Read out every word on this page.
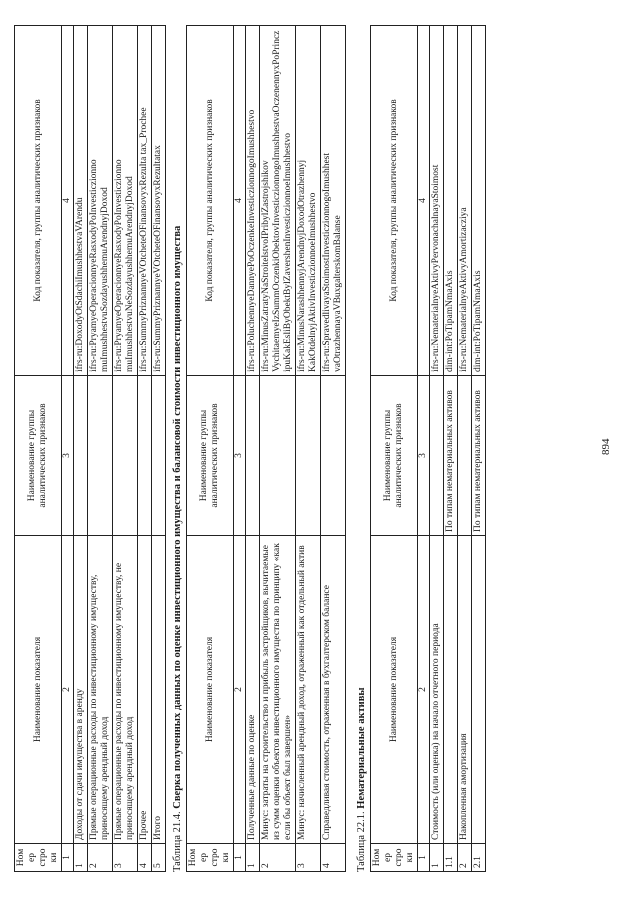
894
Номер строки	Наименование показателя	Наименование группы аналитических признаков	Код показателя, группы аналитических признаков
1	2	3	4
1	Доходы от сдачи имущества в аренду		ifrs-ru:DoxodyOtSdachiImushhestvaVArendu
2	Прямые операционные расходы по инвестиционному имуществу, приносящему арендный доход		ifrs-ru:PryamyeOperacionnyeRasxodyPoInvesticzionno muImushhestvuSozdayushhemuArendnyjDoxod
3	Прямые операционные расходы по инвестиционному имуществу, не приносящему арендный доход		ifrs-ru:PryamyeOperacionnyeRasxodyPoInvesticzionno muImushhestvuNeSozdayushhemuArendnyjDoxod
4	Прочее		ifrs-ru:SummyPriznannyeVOtcheteOFinansovyxRezulta tax_Prochee
5	Итого		ifrs-ru:SummyPriznannyeVOtcheteOFinansovyxRezultatax
Таблица 21.4. Сверка полученных данных по оценке инвестиционного имущества и балансовой стоимости инвестиционного имущества
Номер строки	Наименование показателя	Наименование группы аналитических признаков	Код показателя, группы аналитических признаков
1	2	3	4
1	Полученные данные по оценке		ifrs-ru:PoluchennyeDannyePoOczenkeInvesticzionnogoImushhestvo
2	Минус: затраты на строительство и прибыль застройщиков, вычитаемые из сумм оценки объектов инвестиционного имущества по принципу «как если бы объект был завершен»		ifrs-ru:MinusZatratyNaStroitelstvoIPribylZastrojshikov VychitaemyeIzSummOczenkiObektovInvesticzionnogoImushhestvaOczenennyxPoPrinczipuKakEsliByObektBylZavershenInvesticzionnoeImushhestvo
3	Минус: начисленный арендный доход, отраженный как отдельный актив		ifrs-ru:MinusNarashhennyjArendnyjDoxodOtrazhennyj KakOtdelnyjAktivInvesticzionnoeImushhestvo
4	Справедливая стоимость, отраженная в бухгалтерском балансе		ifrs-ru:SpravedlivayaStoimostInvesticzionnogoImushhest vaOtrazhennayaVBuxgalterskomBalanse
Таблица 22.1. Нематериальные активы
Номер строки	Наименование показателя	Наименование группы аналитических признаков	Код показателя, группы аналитических признаков
1	2	3	4
1	Стоимость (или оценка) на начало отчетного периода		ifrs-ru:NematerialnyeAktivyPervonachalnayaStoimost
1.1		По типам нематериальных активов	dim-int:PoTipamNmaAxis
2	Накопленная амортизация		ifrs-ru:NematerialnyeAktivyAmortizacziya
2.1		По типам нематериальных активов	dim-int:PoTipamNmaAxis
